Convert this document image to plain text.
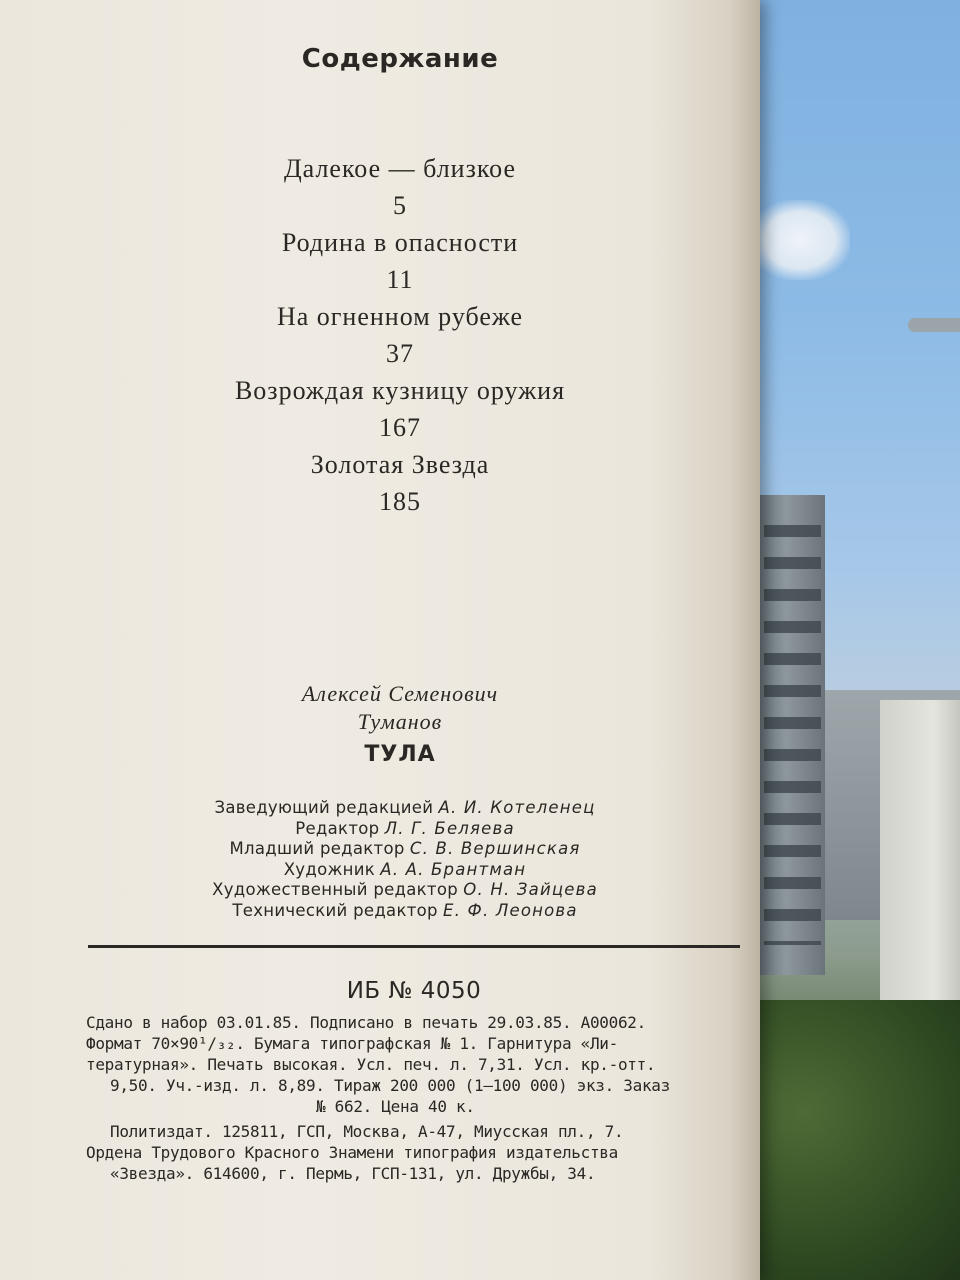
Содержание
Далекое — близкое
5
Родина в опасности
11
На огненном рубеже
37
Возрождая кузницу оружия
167
Золотая Звезда
185
Алексей Семенович
Туманов
ТУЛА
Заведующий редакцией А. И. Котеленец
Редактор Л. Г. Беляева
Младший редактор С. В. Вершинская
Художник А. А. Брантман
Художественный редактор О. Н. Зайцева
Технический редактор Е. Ф. Леонова
ИБ № 4050
Сдано в набор 03.01.85. Подписано в печать 29.03.85. А00062.
Формат 70×90¹/₃₂. Бумага типографская № 1. Гарнитура «Ли-
тературная». Печать высокая. Усл. печ. л. 7,31. Усл. кр.-отт.
9,50. Уч.-изд. л. 8,89. Тираж 200 000 (1—100 000) экз. Заказ
№ 662. Цена 40 к.
Политиздат. 125811, ГСП, Москва, А-47, Миусская пл., 7.
Ордена Трудового Красного Знамени типография издательства
«Звезда». 614600, г. Пермь, ГСП-131, ул. Дружбы, 34.
